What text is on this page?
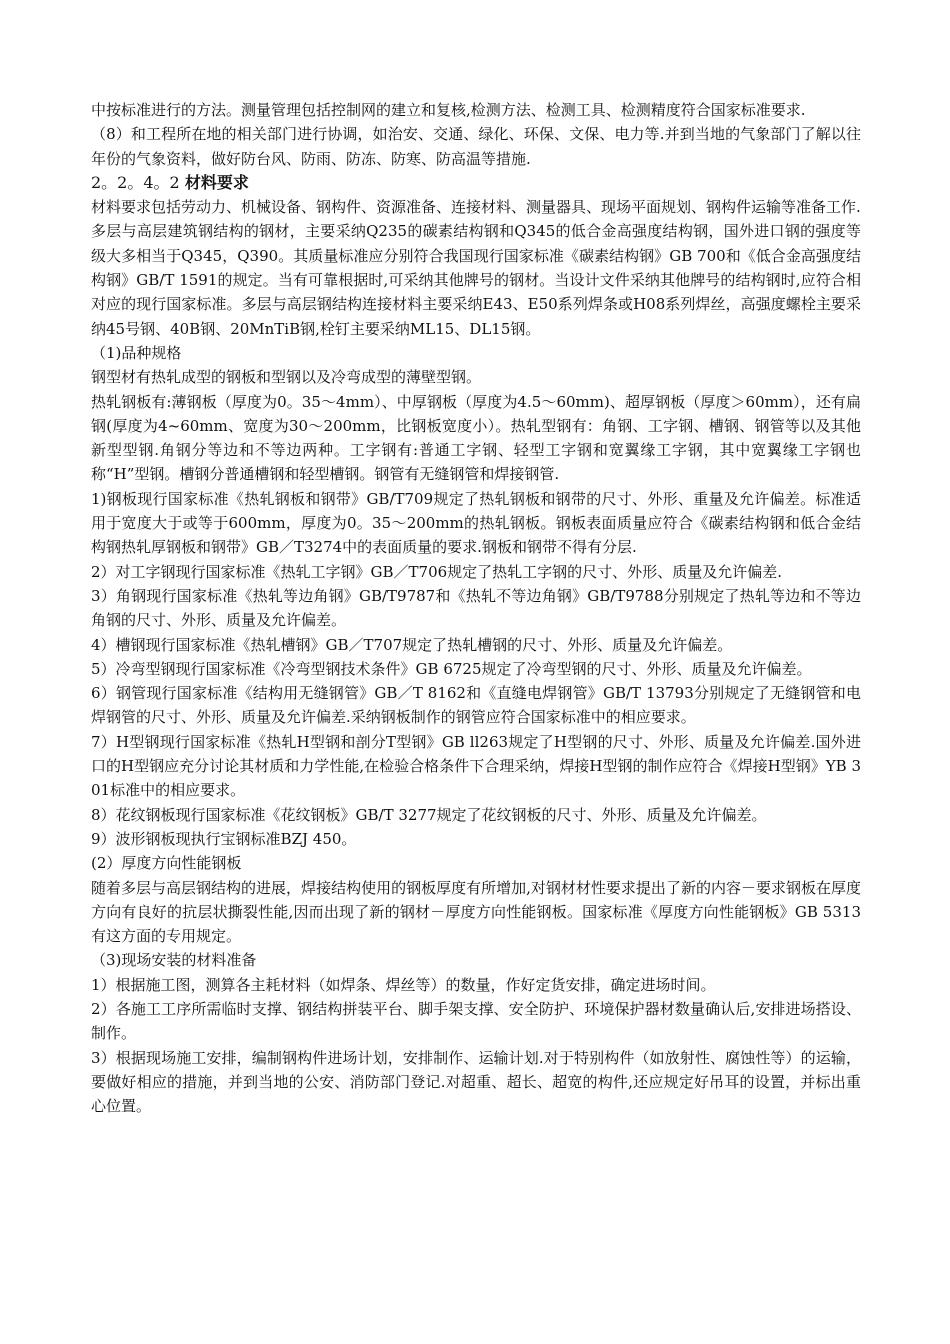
中按标准进行的方法。测量管理包括控制网的建立和复核,检测方法、检测工具、检测精度符合国家标准要求.

（8）和工程所在地的相关部门进行协调，如治安、交通、绿化、环保、文保、电力等.并到当地的气象部门了解以往年份的气象资料，做好防台风、防雨、防冻、防寒、防高温等措施.

2。2。4。2 材料要求

材料要求包括劳动力、机械设备、钢构件、资源准备、连接材料、测量器具、现场平面规划、钢构件运输等准备工作.

多层与高层建筑钢结构的钢材，主要采纳Q235的碳素结构钢和Q345的低合金高强度结构钢，国外进口钢的强度等级大多相当于Q345，Q390。其质量标准应分别符合我国现行国家标准《碳素结构钢》GB 700和《低合金高强度结构钢》GB/T 1591的规定。当有可靠根据时,可采纳其他牌号的钢材。当设计文件采纳其他牌号的结构钢时,应符合相对应的现行国家标准。多层与高层钢结构连接材料主要采纳E43、E50系列焊条或H08系列焊丝，高强度螺栓主要采纳45号钢、40B钢、20MnTiB钢,栓钉主要采纳ML15、DL15钢。

（1)品种规格

钢型材有热轧成型的钢板和型钢以及冷弯成型的薄壁型钢。

热轧钢板有:薄钢板（厚度为0。35～4mm）、中厚钢板（厚度为4.5～60mm)、超厚钢板（厚度＞60mm），还有扁钢(厚度为4~60mm、宽度为30～200mm，比钢板宽度小）。热轧型钢有：角钢、工字钢、槽钢、钢管等以及其他新型型钢.角钢分等边和不等边两种。工字钢有:普通工字钢、轻型工字钢和宽翼缘工字钢，其中宽翼缘工字钢也称“H”型钢。槽钢分普通槽钢和轻型槽钢。钢管有无缝钢管和焊接钢管.

1)钢板现行国家标准《热轧钢板和钢带》GB/T709规定了热轧钢板和钢带的尺寸、外形、重量及允许偏差。标准适用于宽度大于或等于600mm，厚度为0。35～200mm的热轧钢板。钢板表面质量应符合《碳素结构钢和低合金结构钢热轧厚钢板和钢带》GB／T3274中的表面质量的要求.钢板和钢带不得有分层.

2）对工字钢现行国家标准《热轧工字钢》GB／T706规定了热轧工字钢的尺寸、外形、质量及允许偏差.

3）角钢现行国家标准《热轧等边角钢》GB/T9787和《热轧不等边角钢》GB/T9788分别规定了热轧等边和不等边角钢的尺寸、外形、质量及允许偏差。

4）槽钢现行国家标准《热轧槽钢》GB／T707规定了热轧槽钢的尺寸、外形、质量及允许偏差。

5）冷弯型钢现行国家标准《冷弯型钢技术条件》GB 6725规定了冷弯型钢的尺寸、外形、质量及允许偏差。

6）钢管现行国家标准《结构用无缝钢管》GB／T 8162和《直缝电焊钢管》GB/T 13793分别规定了无缝钢管和电焊钢管的尺寸、外形、质量及允许偏差.采纳钢板制作的钢管应符合国家标准中的相应要求。

7）H型钢现行国家标准《热轧H型钢和剖分T型钢》GB ll263规定了H型钢的尺寸、外形、质量及允许偏差.国外进口的H型钢应充分讨论其材质和力学性能,在检验合格条件下合理采纳，焊接H型钢的制作应符合《焊接H型钢》YB 301标准中的相应要求。

8）花纹钢板现行国家标准《花纹钢板》GB/T 3277规定了花纹钢板的尺寸、外形、质量及允许偏差。

9）波形钢板现执行宝钢标准BZJ 450。

(2）厚度方向性能钢板

随着多层与高层钢结构的进展，焊接结构使用的钢板厚度有所增加,对钢材材性要求提出了新的内容－要求钢板在厚度方向有良好的抗层状撕裂性能,因而出现了新的钢材－厚度方向性能钢板。国家标准《厚度方向性能钢板》GB 5313有这方面的专用规定。

（3)现场安装的材料准备

1）根据施工图，测算各主耗材料（如焊条、焊丝等）的数量，作好定货安排，确定进场时间。

2）各施工工序所需临时支撑、钢结构拼装平台、脚手架支撑、安全防护、环境保护器材数量确认后,安排进场搭设、制作。

3）根据现场施工安排，编制钢构件进场计划，安排制作、运输计划.对于特别构件（如放射性、腐蚀性等）的运输，要做好相应的措施，并到当地的公安、消防部门登记.对超重、超长、超宽的构件,还应规定好吊耳的设置，并标出重心位置。
